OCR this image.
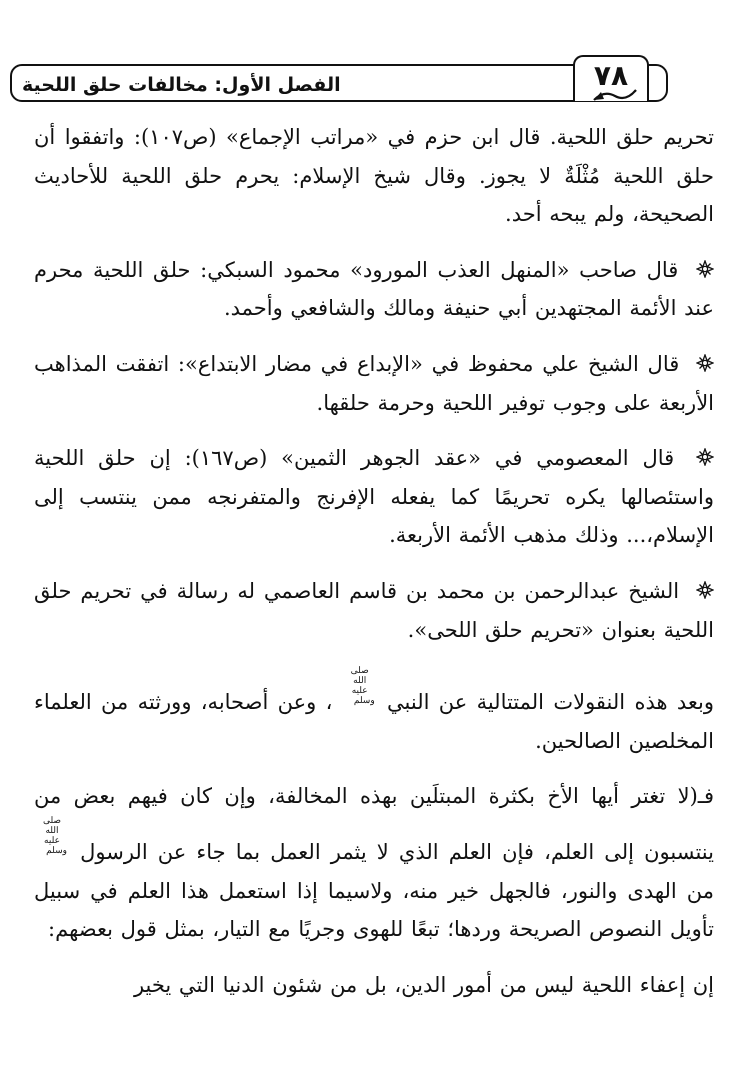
الفصل الأول: مخالفات حلق اللحية	٧٨

تحريم حلق اللحية. قال ابن حزم في «مراتب الإجماع» (ص١٠٧): واتفقوا أن حلق اللحية مُثْلَةٌ لا يجوز. وقال شيخ الإسلام: يحرم حلق اللحية للأحاديث الصحيحة، ولم يبحه أحد.

قال صاحب «المنهل العذب المورود» محمود السبكي: حلق اللحية محرم عند الأئمة المجتهدين أبي حنيفة ومالك والشافعي وأحمد.

قال الشيخ علي محفوظ في «الإبداع في مضار الابتداع»: اتفقت المذاهب الأربعة على وجوب توفير اللحية وحرمة حلقها.

قال المعصومي في «عقد الجوهر الثمين» (ص١٦٧): إن حلق اللحية واستئصالها يكره تحريمًا كما يفعله الإفرنج والمتفرنجه ممن ينتسب إلى الإسلام،... وذلك مذهب الأئمة الأربعة.

الشيخ عبدالرحمن بن محمد بن قاسم العاصمي له رسالة في تحريم حلق اللحية بعنوان «تحريم حلق اللحى».

وبعد هذه النقولات المتتالية عن النبي صلى الله عليه وسلم ، وعن أصحابه، وورثته من العلماء المخلصين الصالحين.

فـ(لا تغتر أيها الأخ بكثرة المبتلَين بهذه المخالفة، وإن كان فيهم بعض من ينتسبون إلى العلم، فإن العلم الذي لا يثمر العمل بما جاء عن الرسول صلى الله عليه وسلم من الهدى والنور، فالجهل خير منه، ولاسيما إذا استعمل هذا العلم في سبيل تأويل النصوص الصريحة وردها؛ تبعًا للهوى وجريًا مع التيار، بمثل قول بعضهم:

إن إعفاء اللحية ليس من أمور الدين، بل من شئون الدنيا التي يخير
